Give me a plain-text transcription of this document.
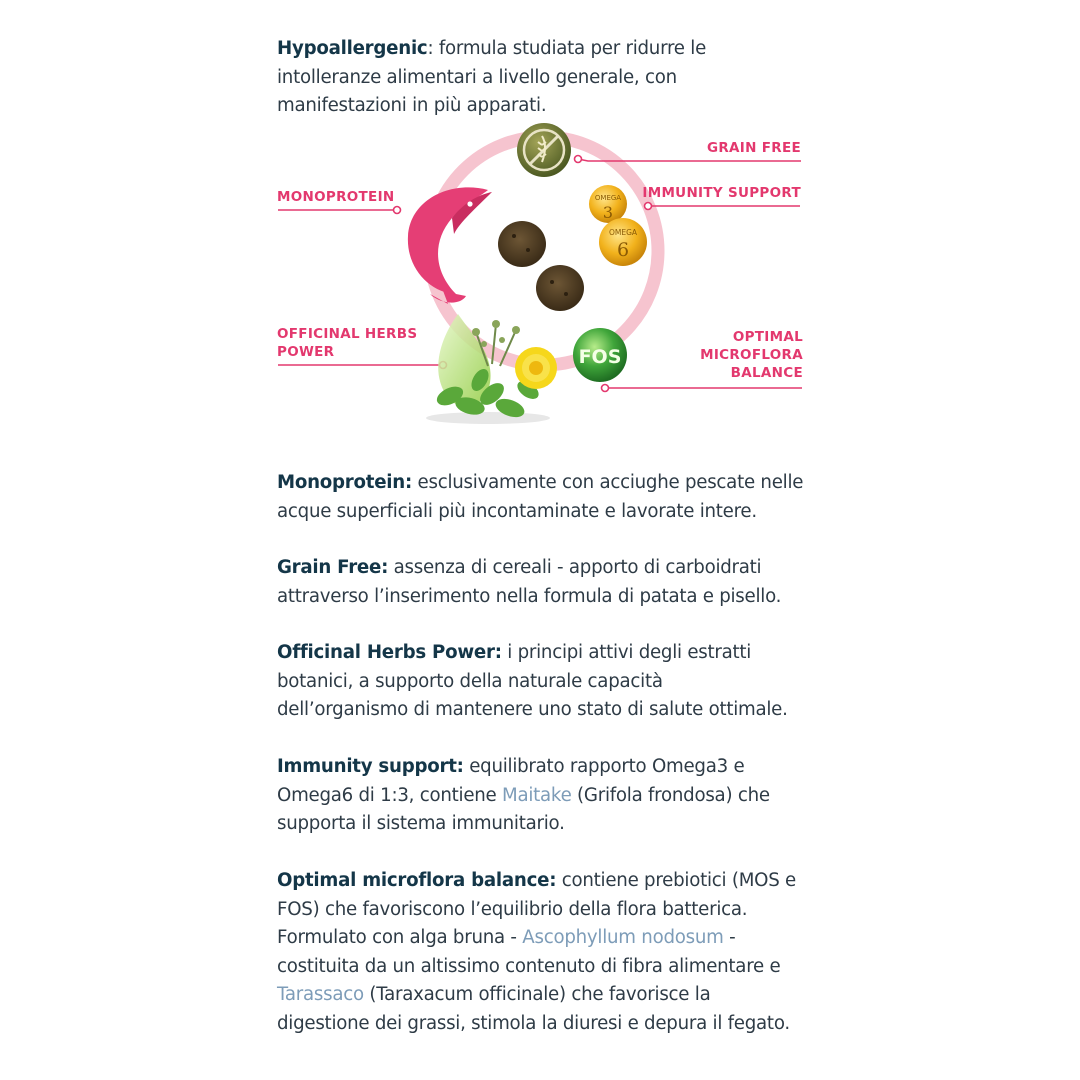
Hypoallergenic: formula studiata per ridurre le
intolleranze alimentari a livello generale, con
manifestazioni in più apparati.
OMEGA
3
OMEGA
6
FOS
GRAIN FREE
IMMUNITY SUPPORT
MONOPROTEIN
OFFICINAL HERBS
POWER
OPTIMAL
MICROFLORA
BALANCE
Monoprotein: esclusivamente con acciughe pescate nelle
acque superficiali più incontaminate e lavorate intere.
Grain Free: assenza di cereali - apporto di carboidrati
attraverso l’inserimento nella formula di patata e pisello.
Officinal Herbs Power: i principi attivi degli estratti
botanici, a supporto della naturale capacità
dell’organismo di mantenere uno stato di salute ottimale.
Immunity support: equilibrato rapporto Omega3 e
Omega6 di 1:3, contiene Maitake (Grifola frondosa) che
supporta il sistema immunitario.
Optimal microflora balance: contiene prebiotici (MOS e
FOS) che favoriscono l’equilibrio della flora batterica.
Formulato con alga bruna - Ascophyllum nodosum -
costituita da un altissimo contenuto di fibra alimentare e
Tarassaco (Taraxacum officinale) che favorisce la
digestione dei grassi, stimola la diuresi e depura il fegato.
